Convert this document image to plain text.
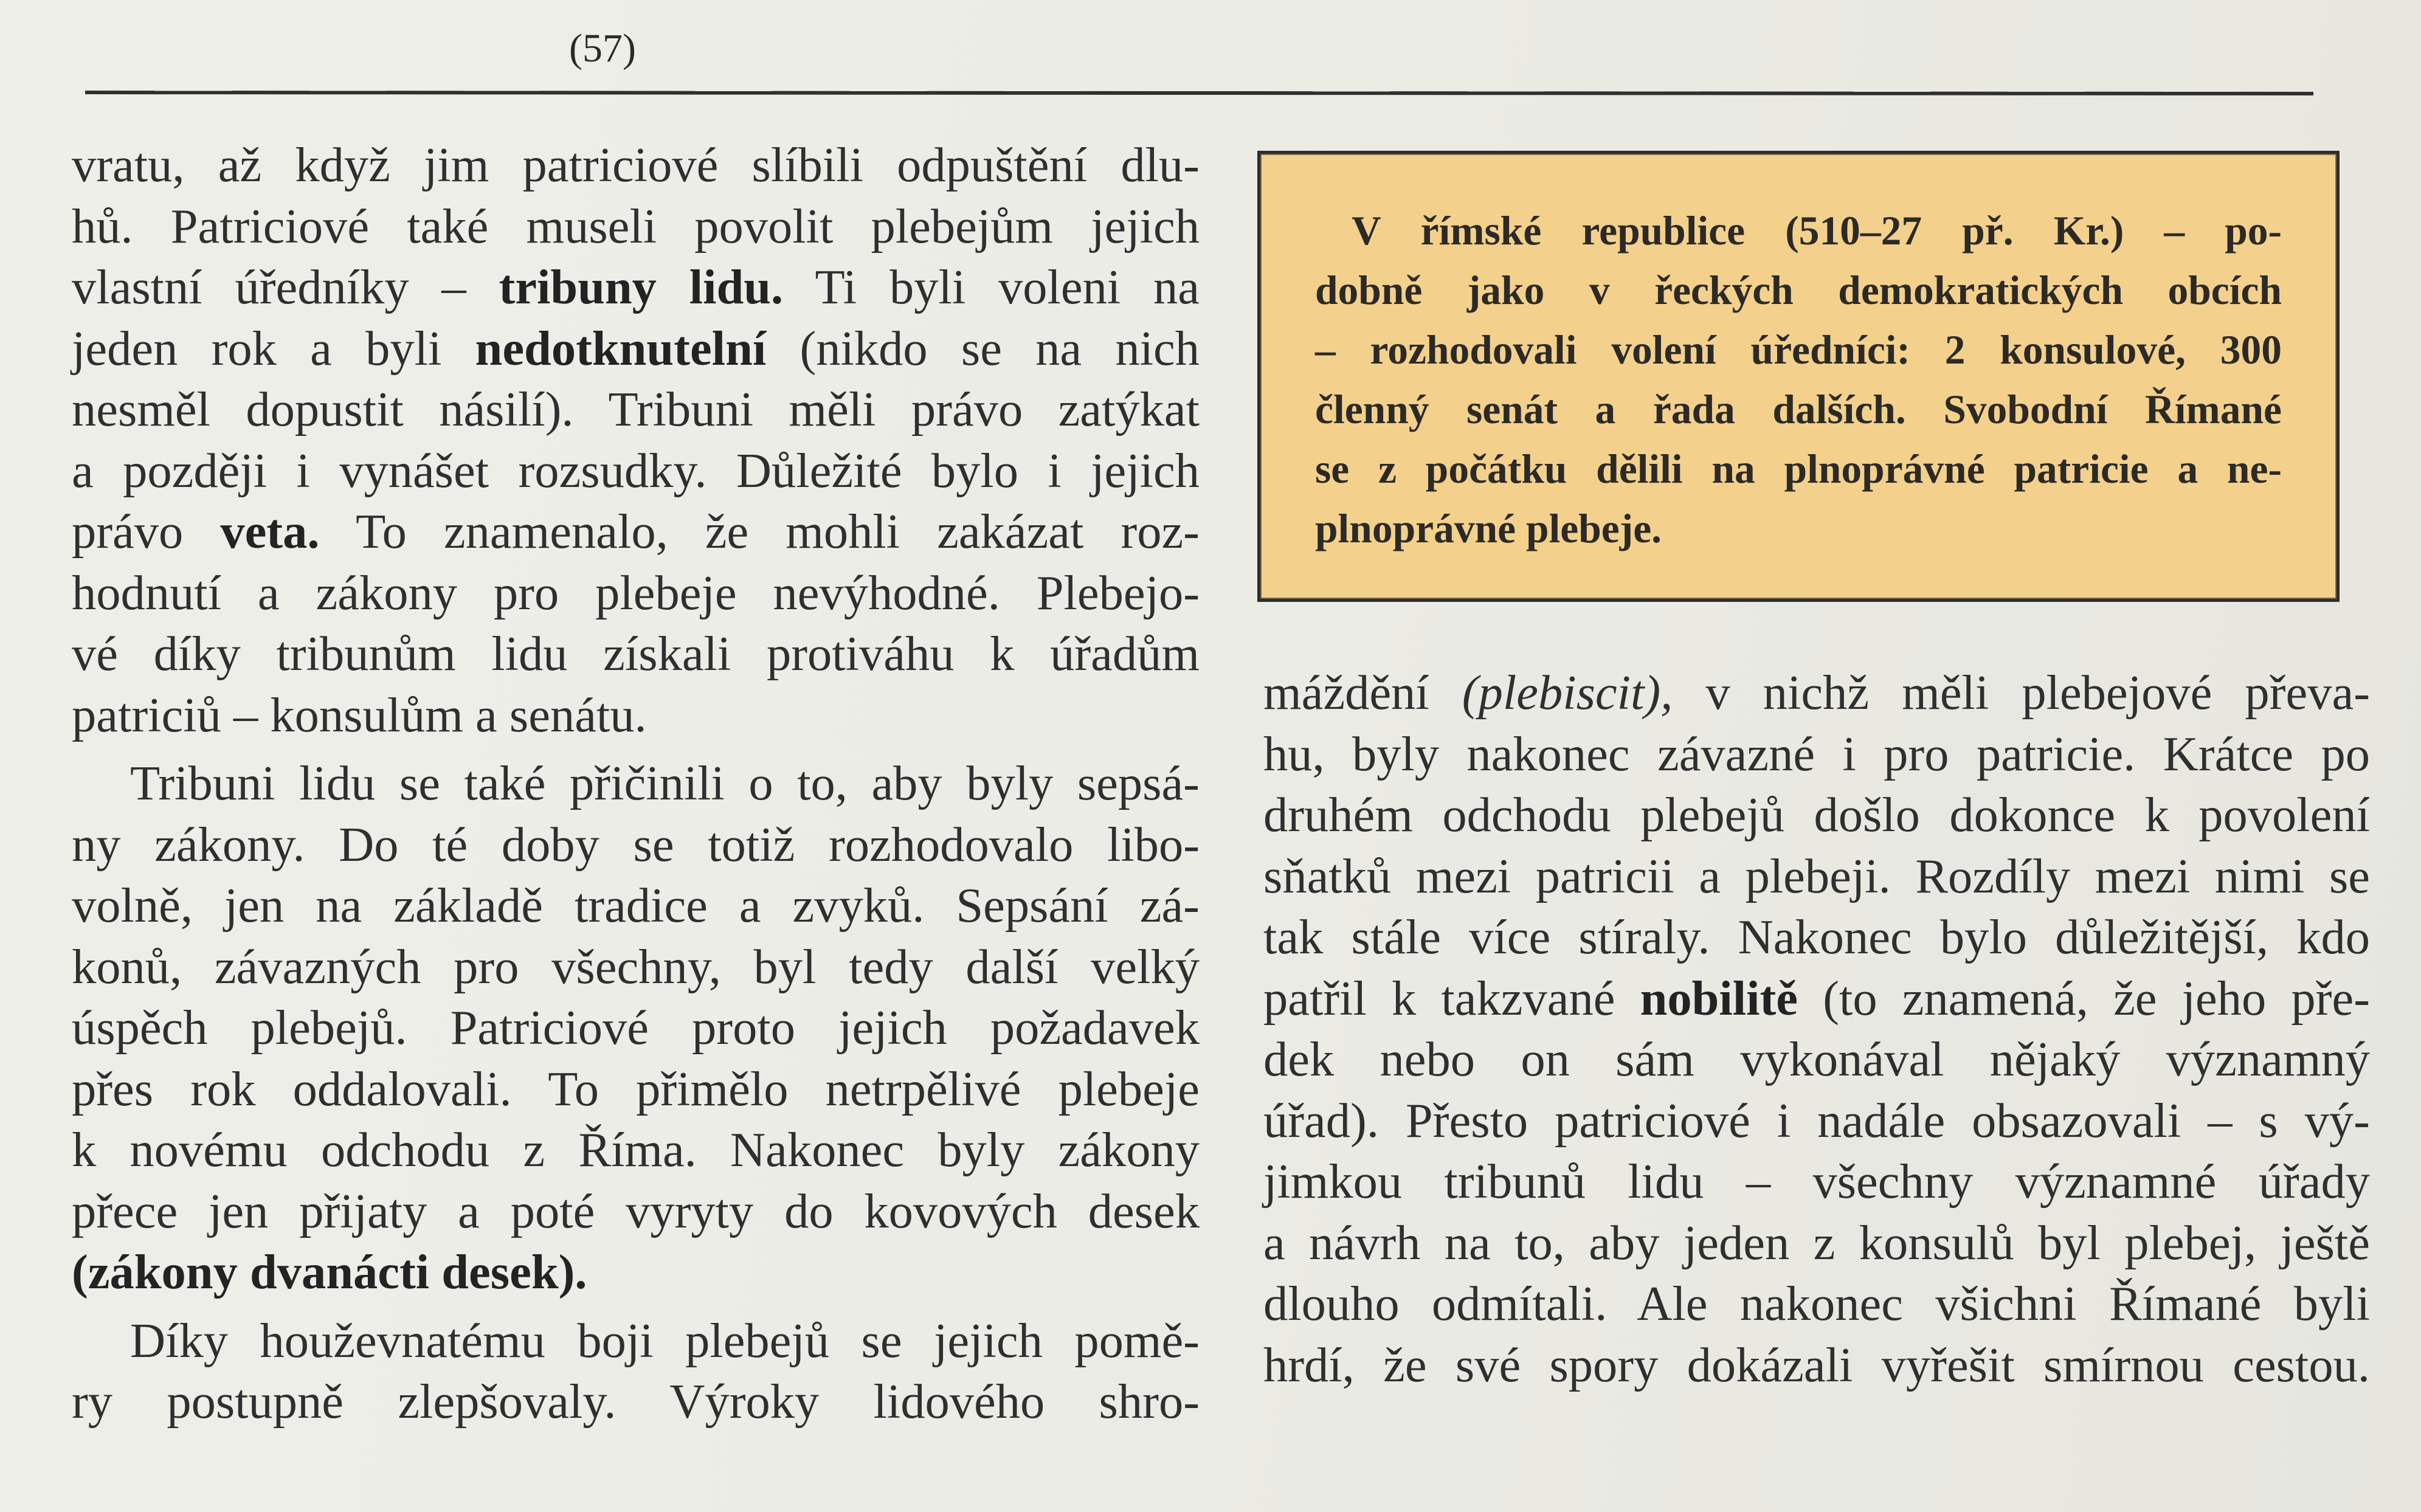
(57)
vratu, až když jim patriciové slíbili odpuštění dlu-
hů. Patriciové také museli povolit plebejům jejich
vlastní úředníky – tribuny lidu. Ti byli voleni na
jeden rok a byli nedotknutelní (nikdo se na nich
nesměl dopustit násilí). Tribuni měli právo zatýkat
a později i vynášet rozsudky. Důležité bylo i jejich
právo veta. To znamenalo, že mohli zakázat roz-
hodnutí a zákony pro plebeje nevýhodné. Plebejo-
vé díky tribunům lidu získali protiváhu k úřadům
patriciů – konsulům a senátu.
Tribuni lidu se také přičinili o to, aby byly sepsá-
ny zákony. Do té doby se totiž rozhodovalo libo-
volně, jen na základě tradice a zvyků. Sepsání zá-
konů, závazných pro všechny, byl tedy další velký
úspěch plebejů. Patriciové proto jejich požadavek
přes rok oddalovali. To přimělo netrpělivé plebeje
k novému odchodu z Říma. Nakonec byly zákony
přece jen přijaty a poté vyryty do kovových desek
(zákony dvanácti desek).
Díky houževnatému boji plebejů se jejich pomě-
ry postupně zlepšovaly. Výroky lidového shro-
V římské republice (510–27 př. Kr.) – po-
dobně jako v řeckých demokratických obcích
– rozhodovali volení úředníci: 2 konsulové, 300
členný senát a řada dalších. Svobodní Římané
se z počátku dělili na plnoprávné patricie a ne-
plnoprávné plebeje.
máždění (plebiscit), v nichž měli plebejové převa-
hu, byly nakonec závazné i pro patricie. Krátce po
druhém odchodu plebejů došlo dokonce k povolení
sňatků mezi patricii a plebeji. Rozdíly mezi nimi se
tak stále více stíraly. Nakonec bylo důležitější, kdo
patřil k takzvané nobilitě (to znamená, že jeho pře-
dek nebo on sám vykonával nějaký významný
úřad). Přesto patriciové i nadále obsazovali – s vý-
jimkou tribunů lidu – všechny významné úřady
a návrh na to, aby jeden z konsulů byl plebej, ještě
dlouho odmítali. Ale nakonec všichni Římané byli
hrdí, že své spory dokázali vyřešit smírnou cestou.
